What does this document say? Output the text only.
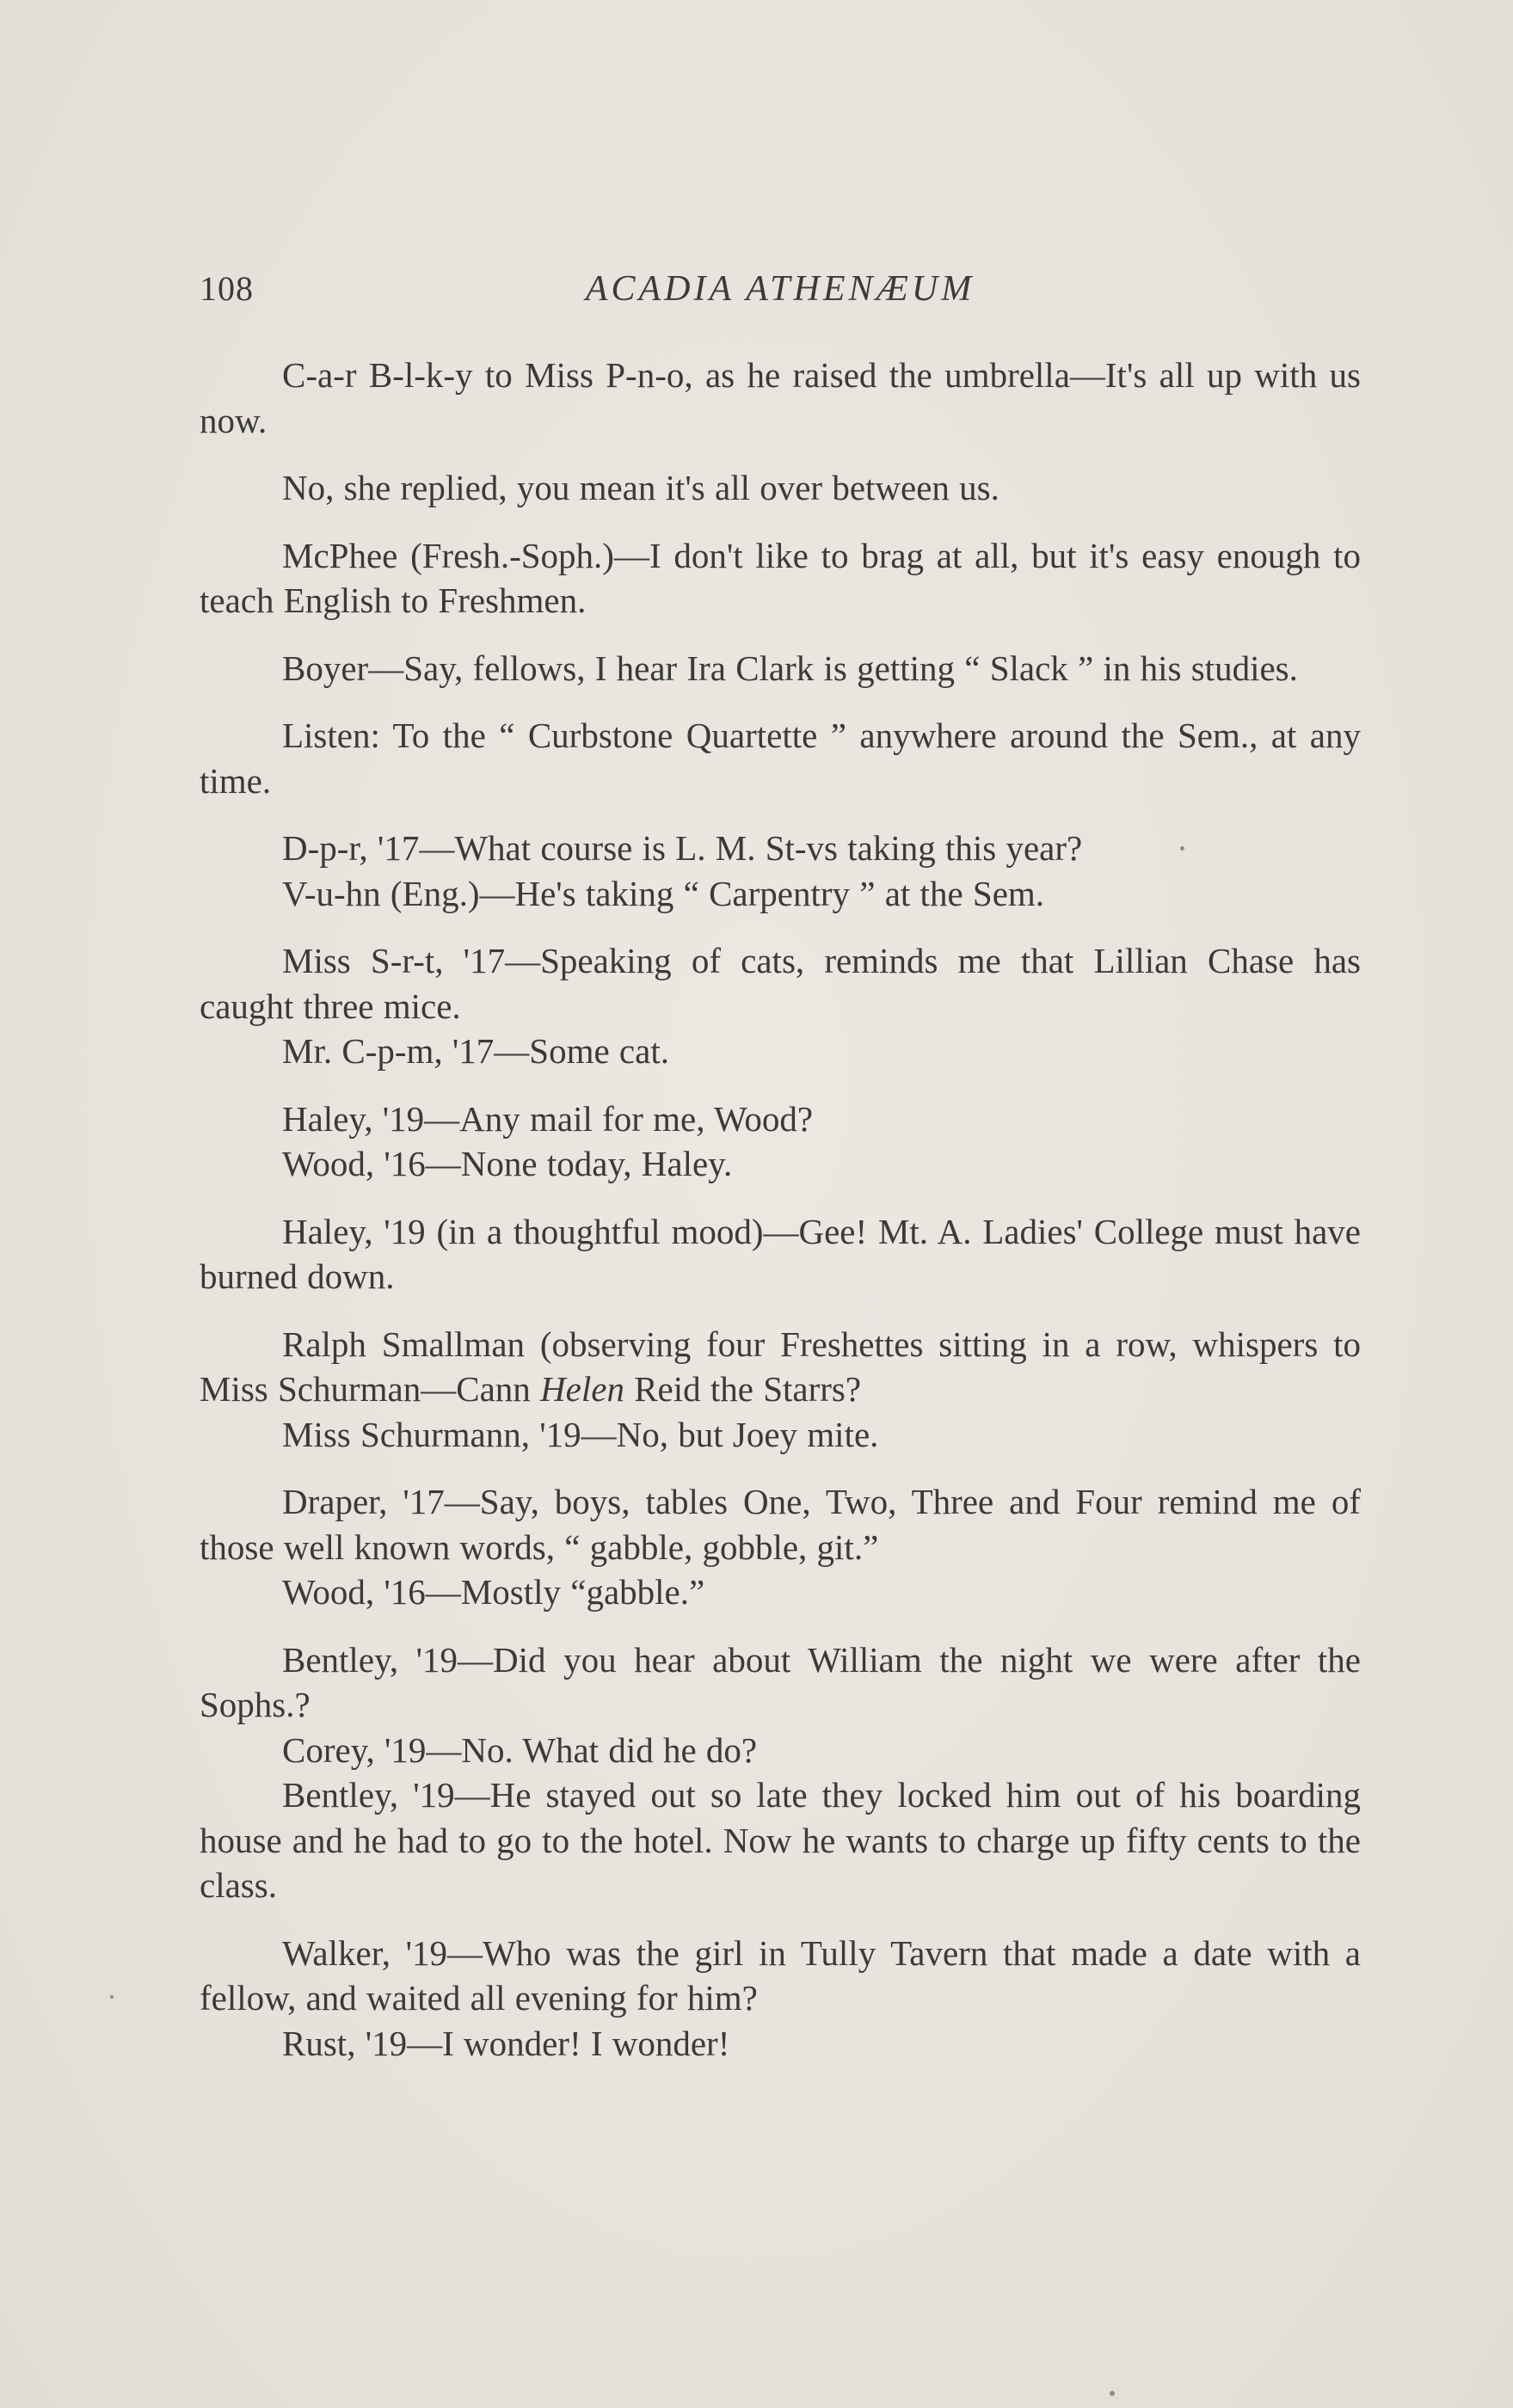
108	ACADIA ATHENÆUM

C-a-r B-l-k-y to Miss P-n-o, as he raised the umbrella—It's all up with us now.

No, she replied, you mean it's all over between us.

McPhee (Fresh.-Soph.)—I don't like to brag at all, but it's easy enough to teach English to Freshmen.

Boyer—Say, fellows, I hear Ira Clark is getting “ Slack ” in his studies.

Listen: To the “ Curbstone Quartette ” anywhere around the Sem., at any time.

D-p-r, '17—What course is L. M. St-vs taking this year?

V-u-hn (Eng.)—He's taking “ Carpentry ” at the Sem.

Miss S-r-t, '17—Speaking of cats, reminds me that Lillian Chase has caught three mice.

Mr. C-p-m, '17—Some cat.

Haley, '19—Any mail for me, Wood?

Wood, '16—None today, Haley.

Haley, '19 (in a thoughtful mood)—Gee! Mt. A. Ladies' College must have burned down.

Ralph Smallman (observing four Freshettes sitting in a row, whispers to Miss Schurman—Cann Helen Reid the Starrs?

Miss Schurmann, '19—No, but Joey mite.

Draper, '17—Say, boys, tables One, Two, Three and Four remind me of those well known words, “ gabble, gobble, git.”

Wood, '16—Mostly “gabble.”

Bentley, '19—Did you hear about William the night we were after the Sophs.?

Corey, '19—No. What did he do?

Bentley, '19—He stayed out so late they locked him out of his boarding house and he had to go to the hotel. Now he wants to charge up fifty cents to the class.

Walker, '19—Who was the girl in Tully Tavern that made a date with a fellow, and waited all evening for him?

Rust, '19—I wonder! I wonder!
